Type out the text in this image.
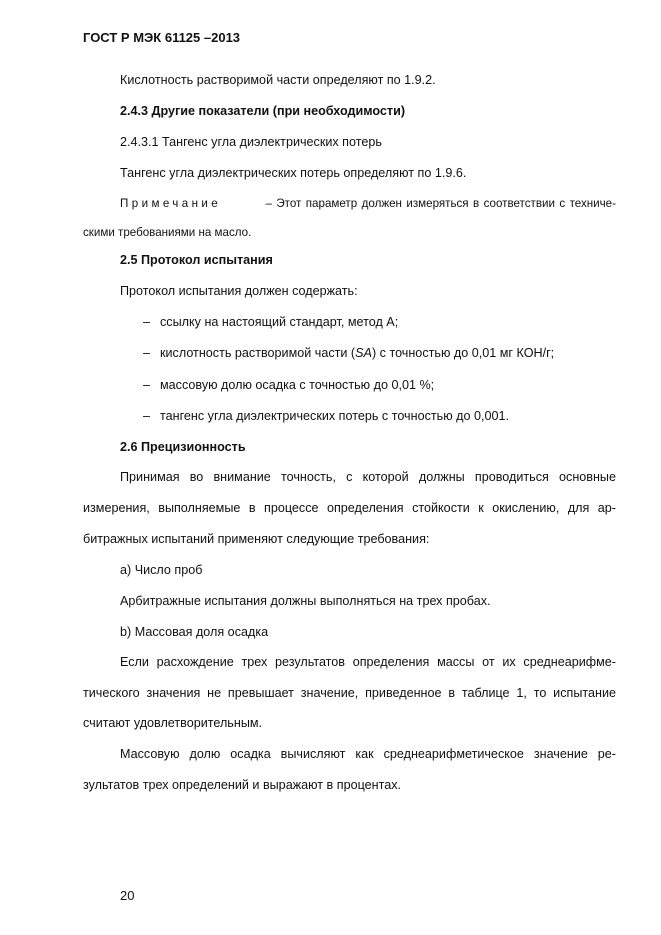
ГОСТ Р МЭК 61125 –2013
Кислотность растворимой части определяют по 1.9.2.
2.4.3 Другие показатели (при необходимости)
2.4.3.1 Тангенс угла диэлектрических потерь
Тангенс угла диэлектрических потерь определяют по 1.9.6.
Примечание	– Этот параметр должен измеряться в соответствии с техниче-
скими требованиями на масло.
2.5 Протокол испытания
Протокол испытания должен содержать:
– ссылку на настоящий стандарт, метод А;
– кислотность растворимой части (SA) с точностью до 0,01 мг КОН/г;
– массовую долю осадка с точностью до 0,01 %;
– тангенс угла диэлектрических потерь с точностью до 0,001.
2.6 Прецизионность
Принимая во внимание точность, с которой должны проводиться основные
измерения, выполняемые в процессе определения стойкости к окислению, для ар-
битражных испытаний применяют следующие требования:
а) Число проб
Арбитражные испытания должны выполняться на трех пробах.
b) Массовая доля осадка
Если расхождение трех результатов определения массы от их среднеарифме-
тического значения не превышает значение, приведенное в таблице 1, то испытание
считают удовлетворительным.
Массовую долю осадка вычисляют как среднеарифметическое значение ре-
зультатов трех определений и выражают в процентах.
20
